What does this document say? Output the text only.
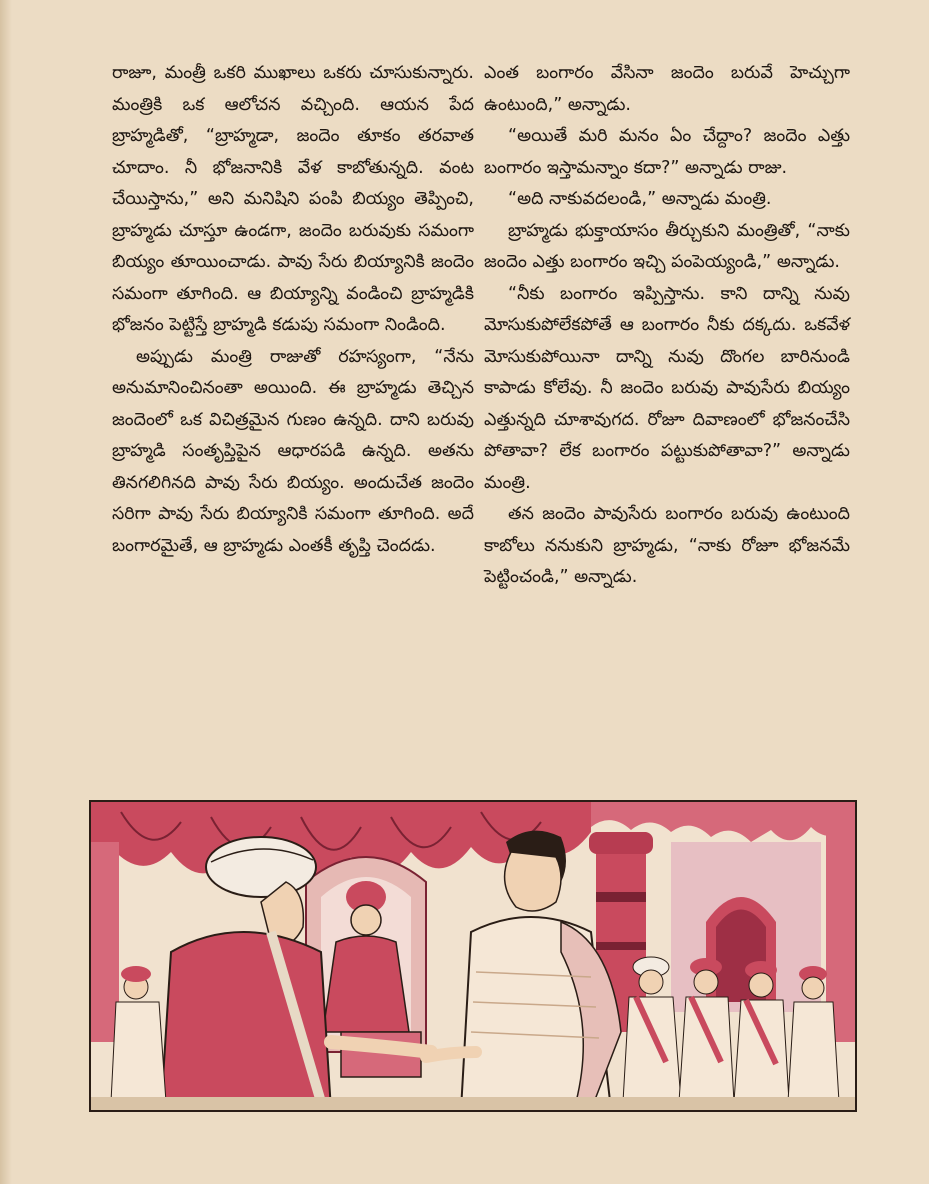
రాజూ, మంత్రీ ఒకరి ముఖాలు ఒకరు చూసుకున్నారు. మంత్రికి ఒక ఆలోచన వచ్చింది. ఆయన పేద బ్రాహ్మడితో, “బ్రాహ్మడా, జందెం తూకం తరవాత చూదాం. నీ భోజనానికి వేళ కాబోతున్నది. వంట చేయిస్తాను,” అని మనిషిని పంపి బియ్యం తెప్పించి, బ్రాహ్మడు చూస్తూ ఉండగా, జందెం బరువుకు సమంగా బియ్యం తూయించాడు. పావు సేరు బియ్యానికి జందెం సమంగా తూగింది. ఆ బియ్యాన్ని వండించి బ్రాహ్మడికి భోజనం పెట్టిస్తే బ్రాహ్మడి కడుపు సమంగా నిండింది.

అప్పుడు మంత్రి రాజుతో రహస్యంగా, “నేను అనుమానించినంతా అయింది. ఈ బ్రాహ్మడు తెచ్చిన జందెంలో ఒక విచిత్రమైన గుణం ఉన్నది. దాని బరువు బ్రాహ్మడి సంతృప్తిపైన ఆధారపడి ఉన్నది. అతను తినగలిగినది పావు సేరు బియ్యం. అందుచేత జందెం సరిగా పావు సేరు బియ్యానికి సమంగా తూగింది. అదే బంగారమైతే, ఆ బ్రాహ్మడు ఎంతకీ తృప్తి చెందడు.

ఎంత బంగారం వేసినా జందెం బరువే హెచ్చుగా ఉంటుంది,” అన్నాడు.

“అయితే మరి మనం ఏం చేద్దాం? జందెం ఎత్తు బంగారం ఇస్తామన్నాం కదా?” అన్నాడు రాజు.

“అది నాకువదలండి,” అన్నాడు మంత్రి.

బ్రాహ్మడు భుక్తాయాసం తీర్చుకుని మంత్రితో, “నాకు జందెం ఎత్తు బంగారం ఇచ్చి పంపెయ్యండి,” అన్నాడు.

“నీకు బంగారం ఇప్పిస్తాను. కాని దాన్ని నువు మోసుకుపోలేకపోతే ఆ బంగారం నీకు దక్కదు. ఒకవేళ మోసుకుపోయినా దాన్ని నువు దొంగల బారినుండి కాపాడు కోలేవు. నీ జందెం బరువు పావుసేరు బియ్యం ఎత్తున్నది చూశావుగద. రోజూ దివాణంలో భోజనంచేసి పోతావా? లేక బంగారం పట్టుకుపోతావా?” అన్నాడు మంత్రి.

తన జందెం పావుసేరు బంగారం బరువు ఉంటుంది కాబోలు ననుకుని బ్రాహ్మడు, “నాకు రోజూ భోజనమే పెట్టించండి,” అన్నాడు.
